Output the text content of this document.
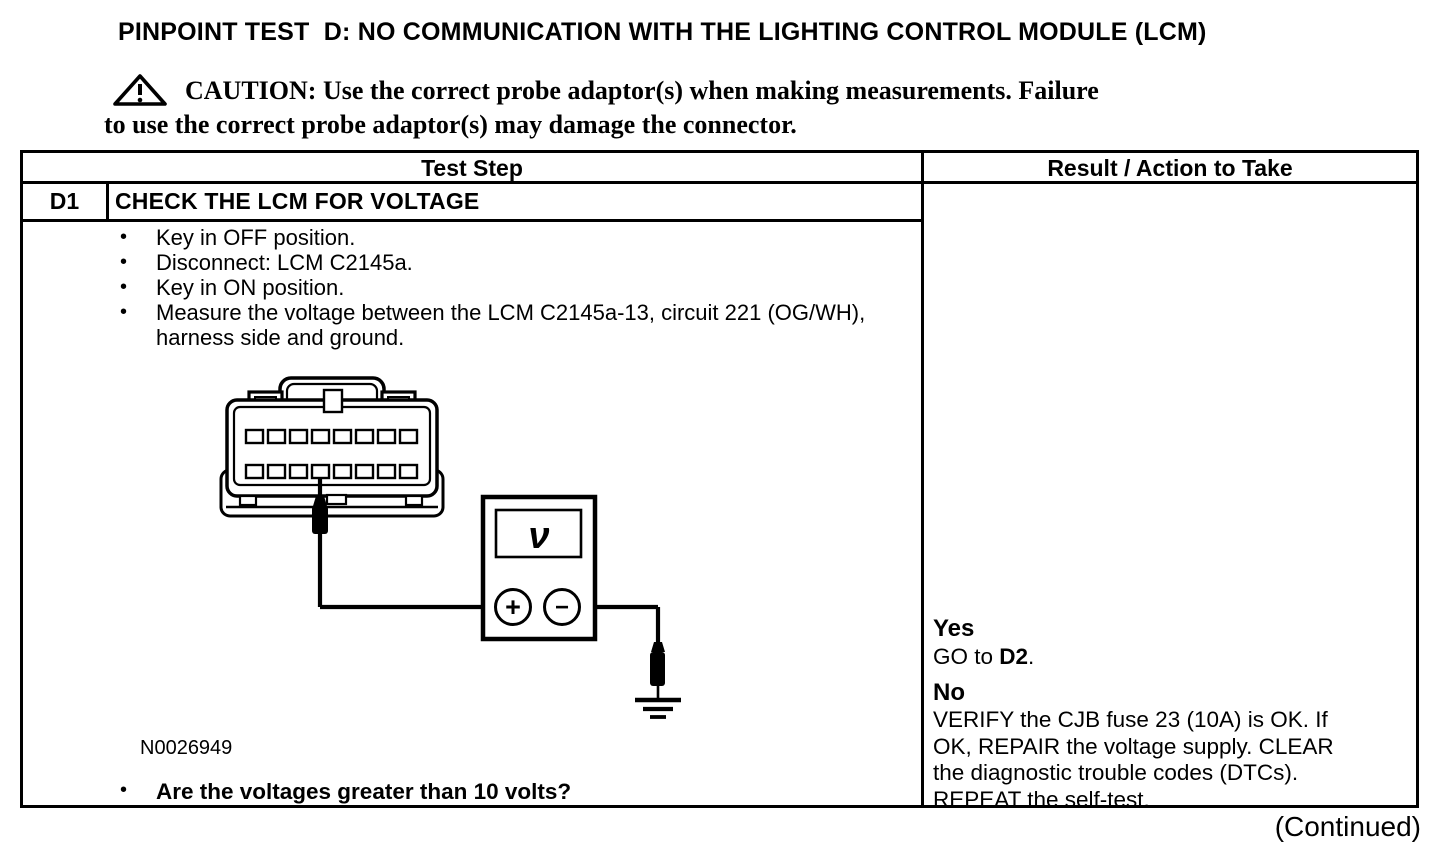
PINPOINT TEST  D: NO COMMUNICATION WITH THE LIGHTING CONTROL MODULE (LCM)
CAUTION: Use the correct probe adaptor(s) when making measurements. Failure
to use the correct probe adaptor(s) may damage the connector.
Test Step	Result / Action to Take
D1	CHECK THE LCM FOR VOLTAGE
•	Key in OFF position.
•	Disconnect: LCM C2145a.
•	Key in ON position.
•	Measure the voltage between the LCM C2145a-13, circuit 221 (OG/WH), harness side and ground.
N0026949
•	Are the voltages greater than 10 volts?
Yes
GO to D2.
No
VERIFY the CJB fuse 23 (10A) is OK. If
OK, REPAIR the voltage supply. CLEAR
the diagnostic trouble codes (DTCs).
REPEAT the self-test.
ν
+ −
(Continued)
